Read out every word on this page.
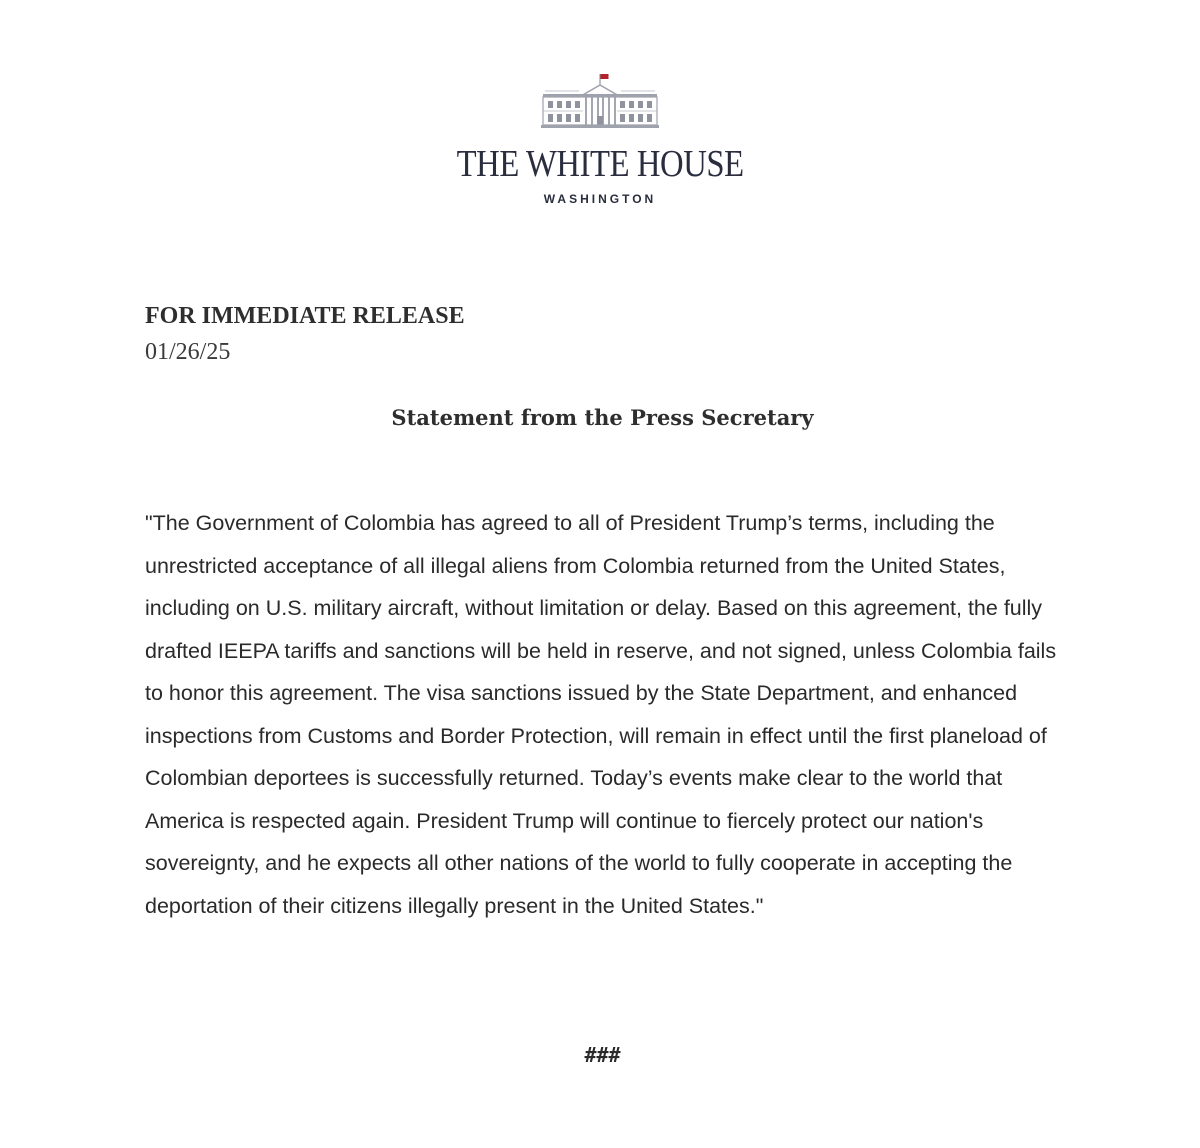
THE WHITE HOUSE
WASHINGTON
FOR IMMEDIATE RELEASE
01/26/25
Statement from the Press Secretary
"The Government of Colombia has agreed to all of President Trump’s terms, including the unrestricted acceptance of all illegal aliens from Colombia returned from the United States, including on U.S. military aircraft, without limitation or delay. Based on this agreement, the fully drafted IEEPA tariffs and sanctions will be held in reserve, and not signed, unless Colombia fails to honor this agreement. The visa sanctions issued by the State Department, and enhanced inspections from Customs and Border Protection, will remain in effect until the first planeload of Colombian deportees is successfully returned. Today’s events make clear to the world that America is respected again. President Trump will continue to fiercely protect our nation's sovereignty, and he expects all other nations of the world to fully cooperate in accepting the deportation of their citizens illegally present in the United States."
###
